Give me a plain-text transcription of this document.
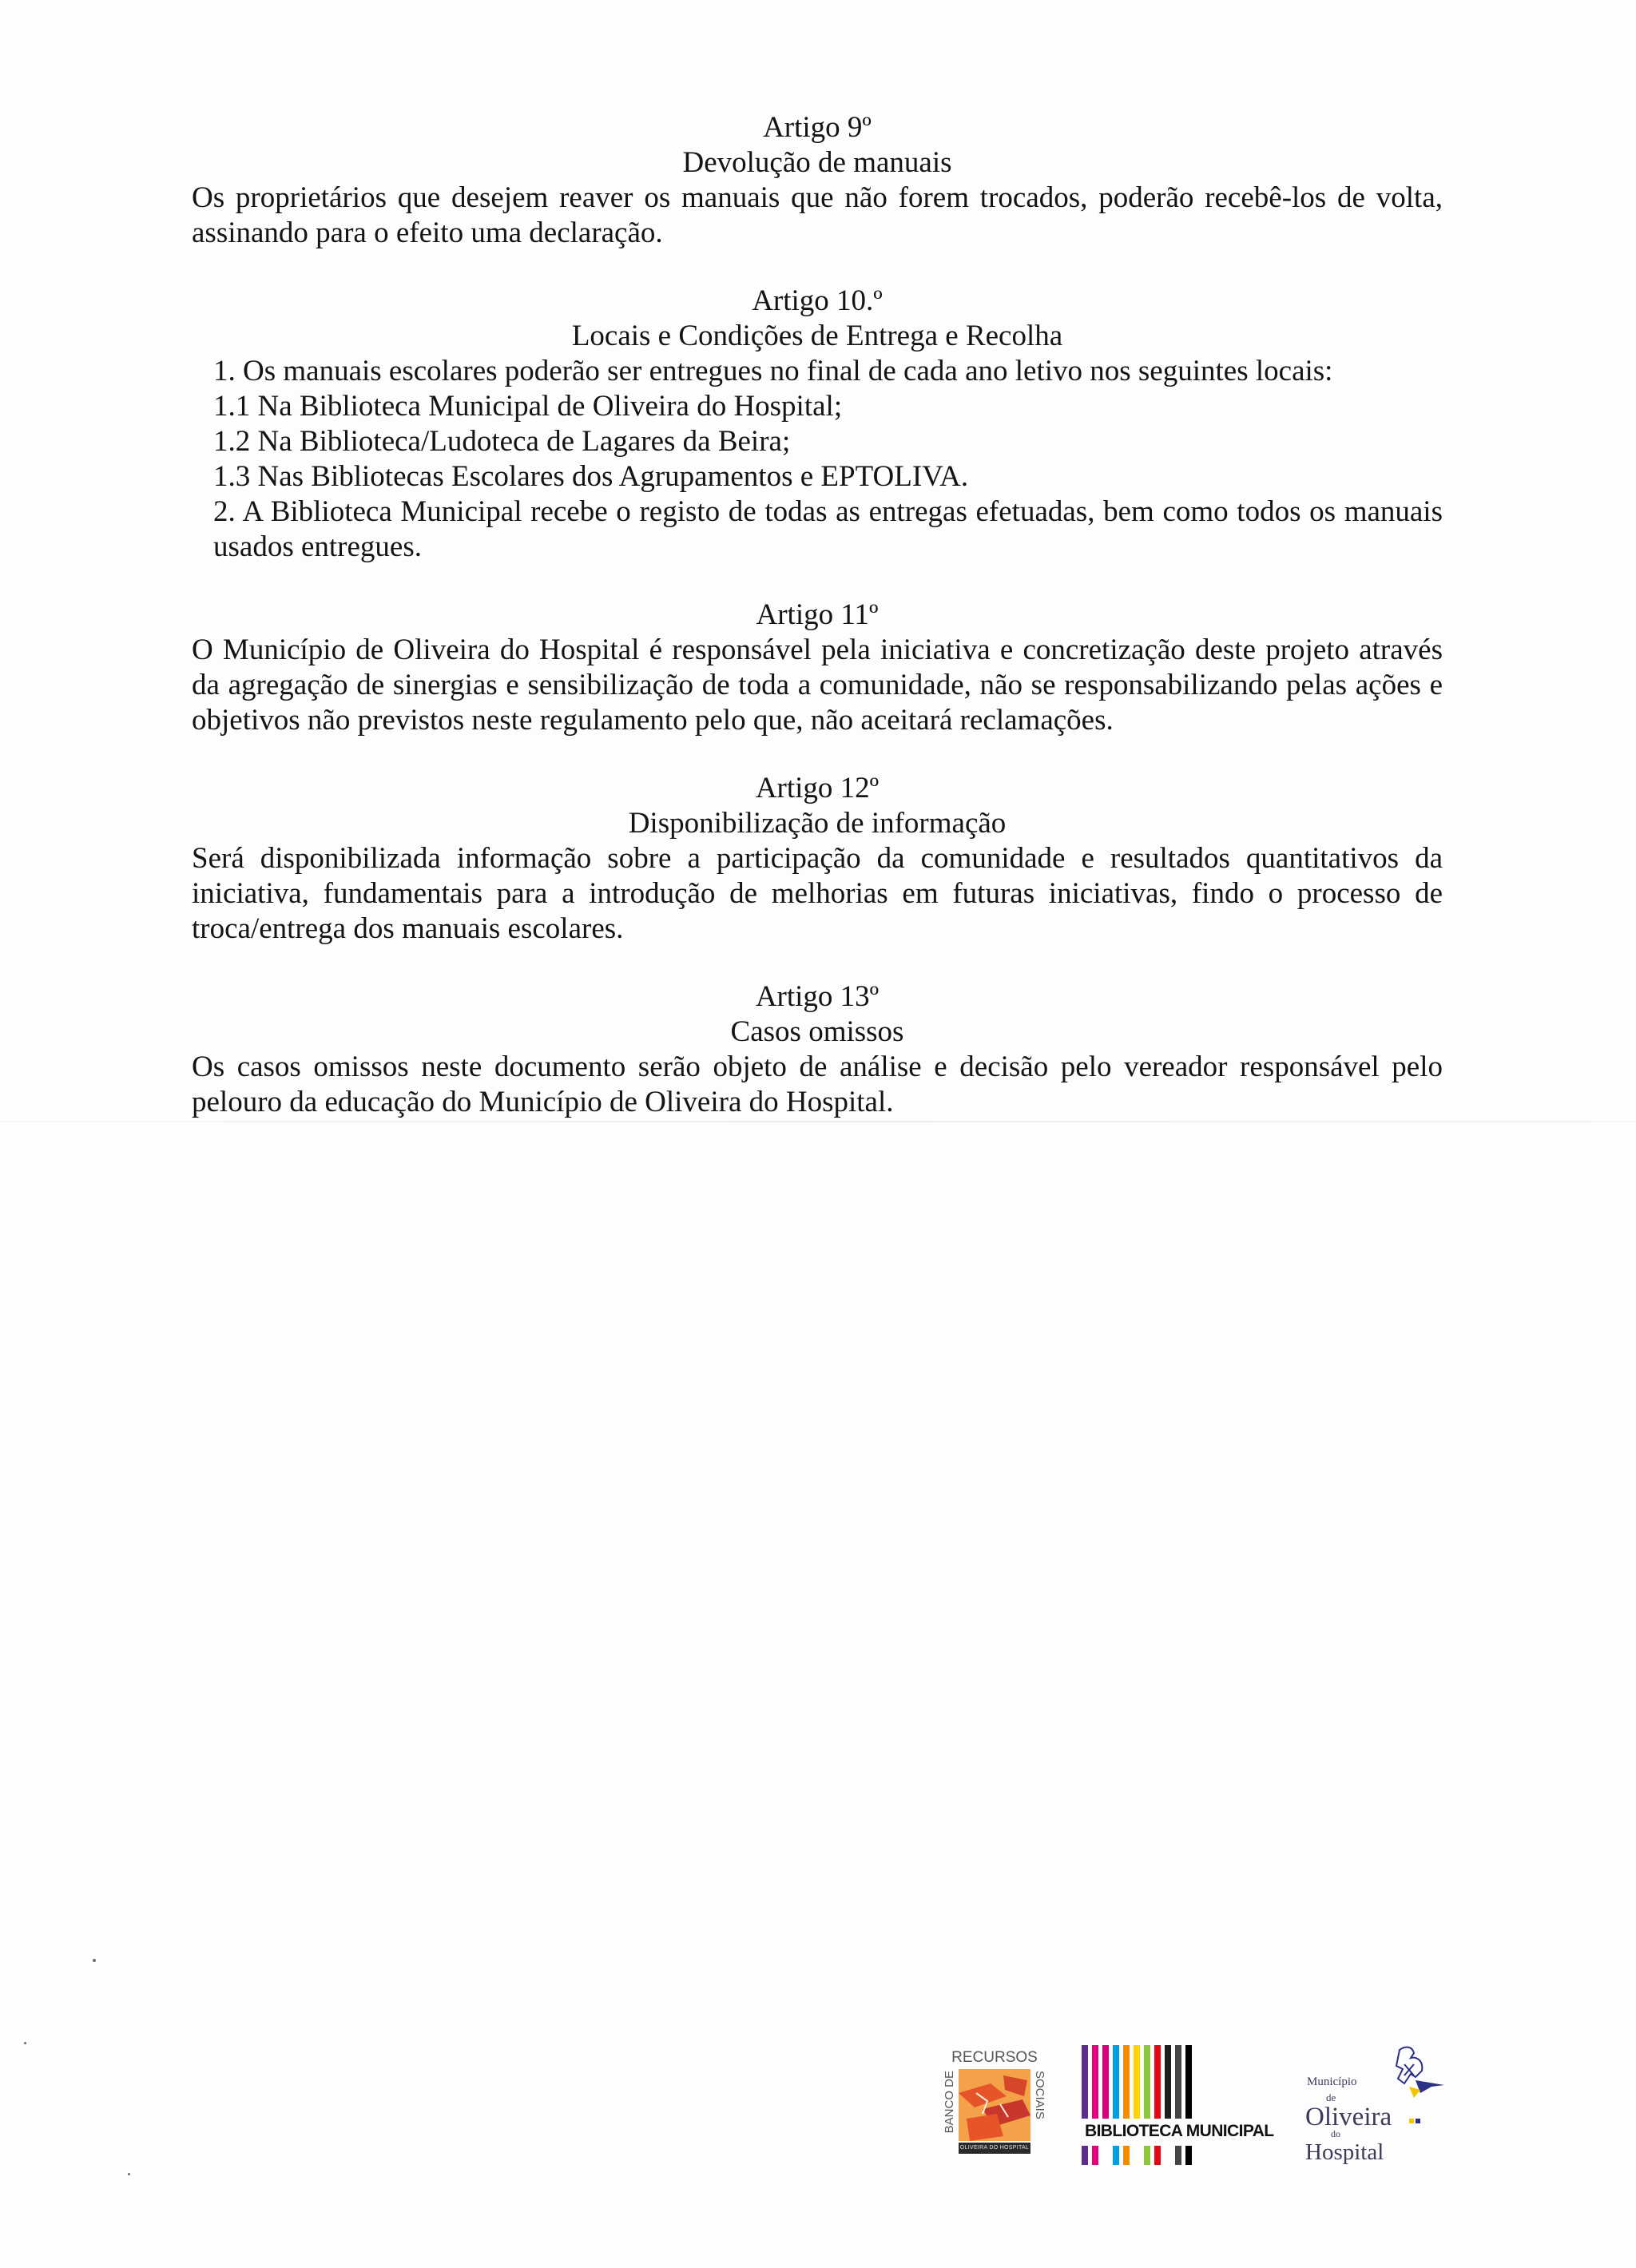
Artigo 9º

Devolução de manuais

Os proprietários que desejem reaver os manuais que não forem trocados, poderão recebê-los de volta, assinando para o efeito uma declaração.

Artigo 10.º

Locais e Condições de Entrega e Recolha

1. Os manuais escolares poderão ser entregues no final de cada ano letivo nos seguintes locais:

1.1 Na Biblioteca Municipal de Oliveira do Hospital;

1.2 Na Biblioteca/Ludoteca de Lagares da Beira;

1.3 Nas Bibliotecas Escolares dos Agrupamentos e EPTOLIVA.

2. A Biblioteca Municipal recebe o registo de todas as entregas efetuadas, bem como todos os manuais usados entregues.

Artigo 11º

O Município de Oliveira do Hospital é responsável pela iniciativa e concretização deste projeto através da agregação de sinergias e sensibilização de toda a comunidade, não se responsabilizando pelas ações e objetivos não previstos neste regulamento pelo que, não aceitará reclamações.

Artigo 12º

Disponibilização de informação

Será disponibilizada informação sobre a participação da comunidade e resultados quantitativos da iniciativa, fundamentais para a introdução de melhorias em futuras iniciativas, findo o processo de troca/entrega dos manuais escolares.

Artigo 13º

Casos omissos

Os casos omissos neste documento serão objeto de análise e decisão pelo vereador responsável pelo pelouro da educação do Município de Oliveira do Hospital.

RECURSOS
BANCO DE	SOCIAIS
OLIVEIRA DO HOSPITAL
BIBLIOTECA MUNICIPAL
Município
de
Oliveira
do
Hospital
